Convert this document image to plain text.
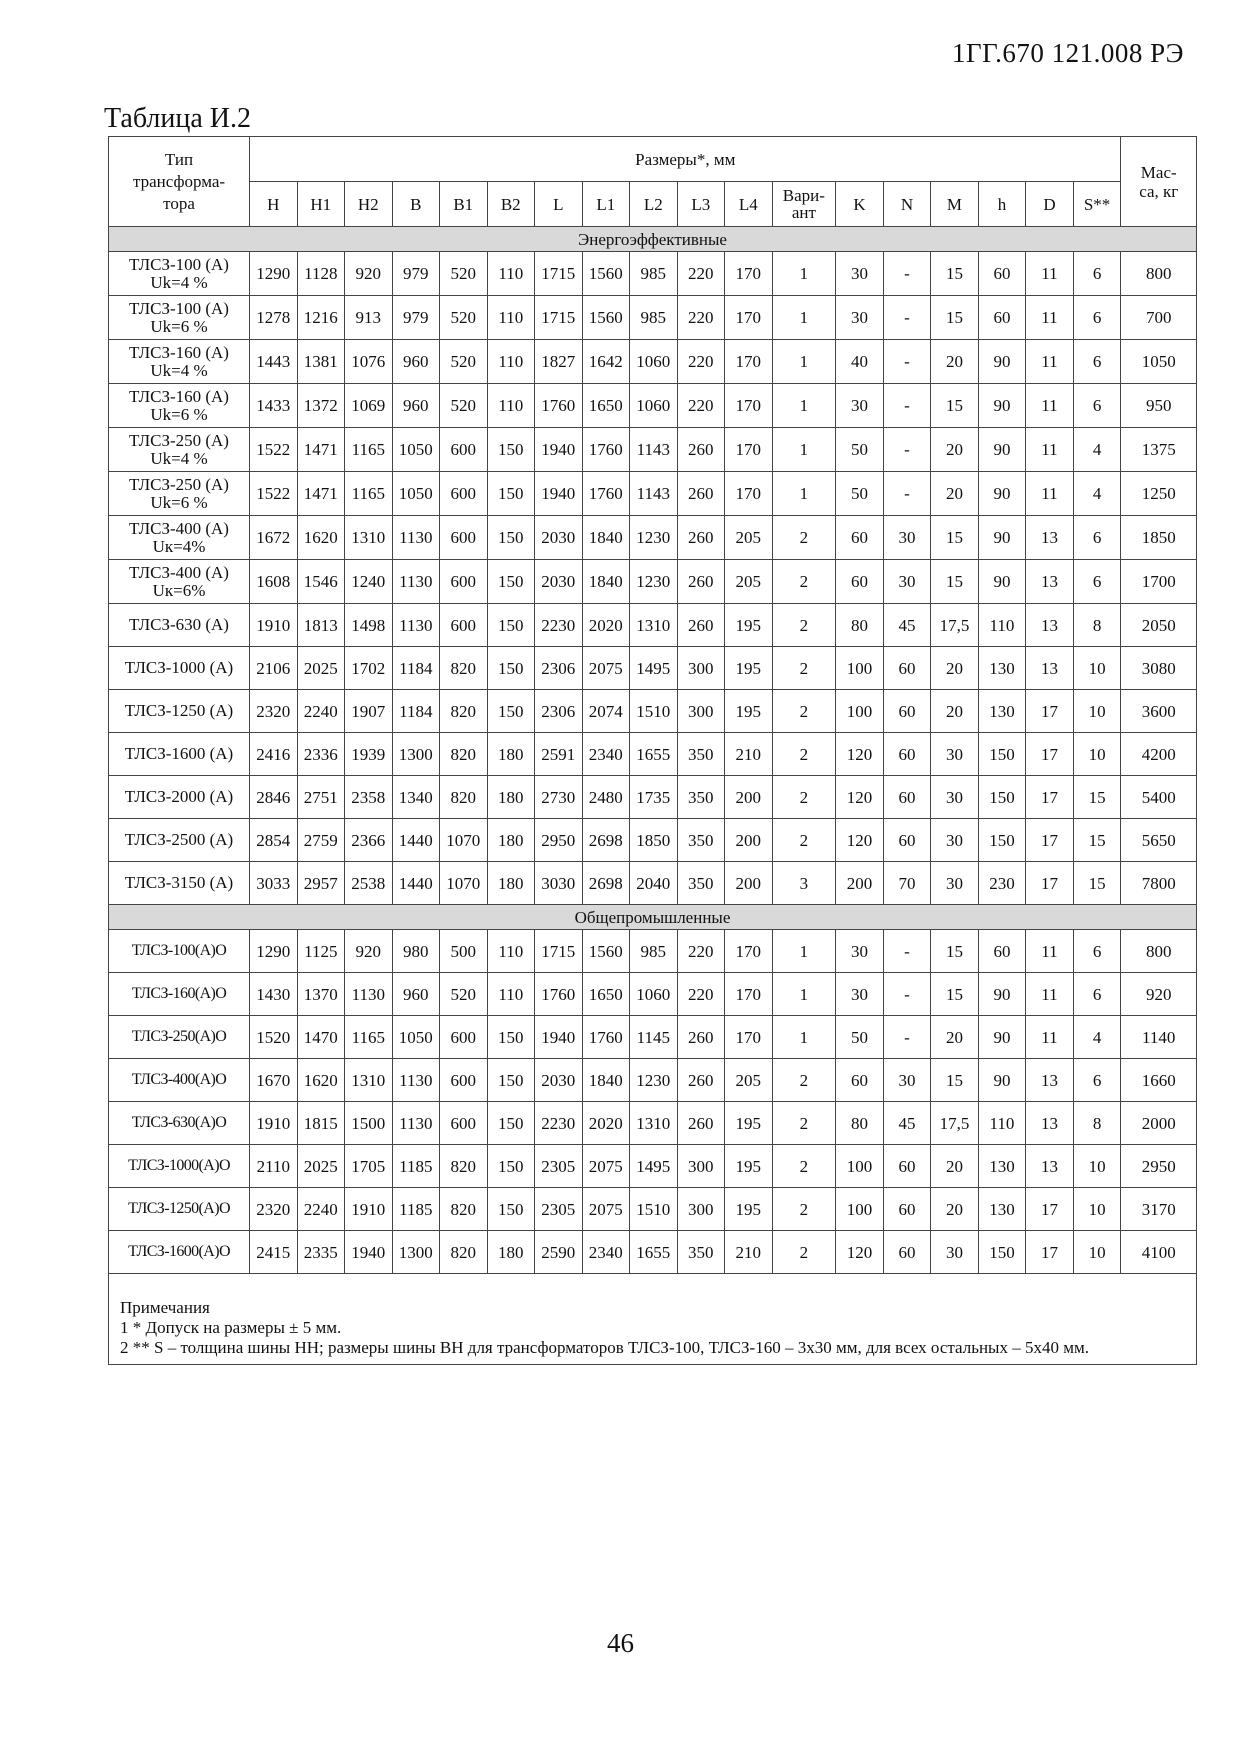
1ГГ.670 121.008 РЭ
Таблица И.2
Тип трансформа-тора	Размеры*, мм																		Мас-са, кг
	H	H1	H2	B	B1	B2	L	L1	L2	L3	L4	Вари-ант	K	N	M	h	D	S**	
Энергоэффективные																			
ТЛСЗ-100 (А) Uk=4 %	1290	1128	920	979	520	110	1715	1560	985	220	170	1	30	-	15	60	11	6	800
ТЛСЗ-100 (А) Uk=6 %	1278	1216	913	979	520	110	1715	1560	985	220	170	1	30	-	15	60	11	6	700
ТЛСЗ-160 (А) Uk=4 %	1443	1381	1076	960	520	110	1827	1642	1060	220	170	1	40	-	20	90	11	6	1050
ТЛСЗ-160 (А) Uk=6 %	1433	1372	1069	960	520	110	1760	1650	1060	220	170	1	30	-	15	90	11	6	950
ТЛСЗ-250 (А) Uk=4 %	1522	1471	1165	1050	600	150	1940	1760	1143	260	170	1	50	-	20	90	11	4	1375
ТЛСЗ-250 (А) Uk=6 %	1522	1471	1165	1050	600	150	1940	1760	1143	260	170	1	50	-	20	90	11	4	1250
ТЛСЗ-400 (А) Uк=4%	1672	1620	1310	1130	600	150	2030	1840	1230	260	205	2	60	30	15	90	13	6	1850
ТЛСЗ-400 (А) Uк=6%	1608	1546	1240	1130	600	150	2030	1840	1230	260	205	2	60	30	15	90	13	6	1700
ТЛСЗ-630 (А)	1910	1813	1498	1130	600	150	2230	2020	1310	260	195	2	80	45	17,5	110	13	8	2050
ТЛСЗ-1000 (А)	2106	2025	1702	1184	820	150	2306	2075	1495	300	195	2	100	60	20	130	13	10	3080
ТЛСЗ-1250 (А)	2320	2240	1907	1184	820	150	2306	2074	1510	300	195	2	100	60	20	130	17	10	3600
ТЛСЗ-1600 (А)	2416	2336	1939	1300	820	180	2591	2340	1655	350	210	2	120	60	30	150	17	10	4200
ТЛСЗ-2000 (А)	2846	2751	2358	1340	820	180	2730	2480	1735	350	200	2	120	60	30	150	17	15	5400
ТЛСЗ-2500 (А)	2854	2759	2366	1440	1070	180	2950	2698	1850	350	200	2	120	60	30	150	17	15	5650
ТЛСЗ-3150 (А)	3033	2957	2538	1440	1070	180	3030	2698	2040	350	200	3	200	70	30	230	17	15	7800
Общепромышленные																			
ТЛСЗ-100(А)О	1290	1125	920	980	500	110	1715	1560	985	220	170	1	30	-	15	60	11	6	800
ТЛСЗ-160(А)О	1430	1370	1130	960	520	110	1760	1650	1060	220	170	1	30	-	15	90	11	6	920
ТЛСЗ-250(А)О	1520	1470	1165	1050	600	150	1940	1760	1145	260	170	1	50	-	20	90	11	4	1140
ТЛСЗ-400(А)О	1670	1620	1310	1130	600	150	2030	1840	1230	260	205	2	60	30	15	90	13	6	1660
ТЛСЗ-630(А)О	1910	1815	1500	1130	600	150	2230	2020	1310	260	195	2	80	45	17,5	110	13	8	2000
ТЛСЗ-1000(А)О	2110	2025	1705	1185	820	150	2305	2075	1495	300	195	2	100	60	20	130	13	10	2950
ТЛСЗ-1250(А)О	2320	2240	1910	1185	820	150	2305	2075	1510	300	195	2	100	60	20	130	17	10	3170
ТЛСЗ-1600(А)О	2415	2335	1940	1300	820	180	2590	2340	1655	350	210	2	120	60	30	150	17	10	4100
Примечания
1 * Допуск на размеры ± 5 мм.
2 ** S – толщина шины НН; размеры шины ВН для трансформаторов ТЛСЗ-100, ТЛСЗ-160 – 3х30 мм, для всех остальных – 5х40 мм.
46
